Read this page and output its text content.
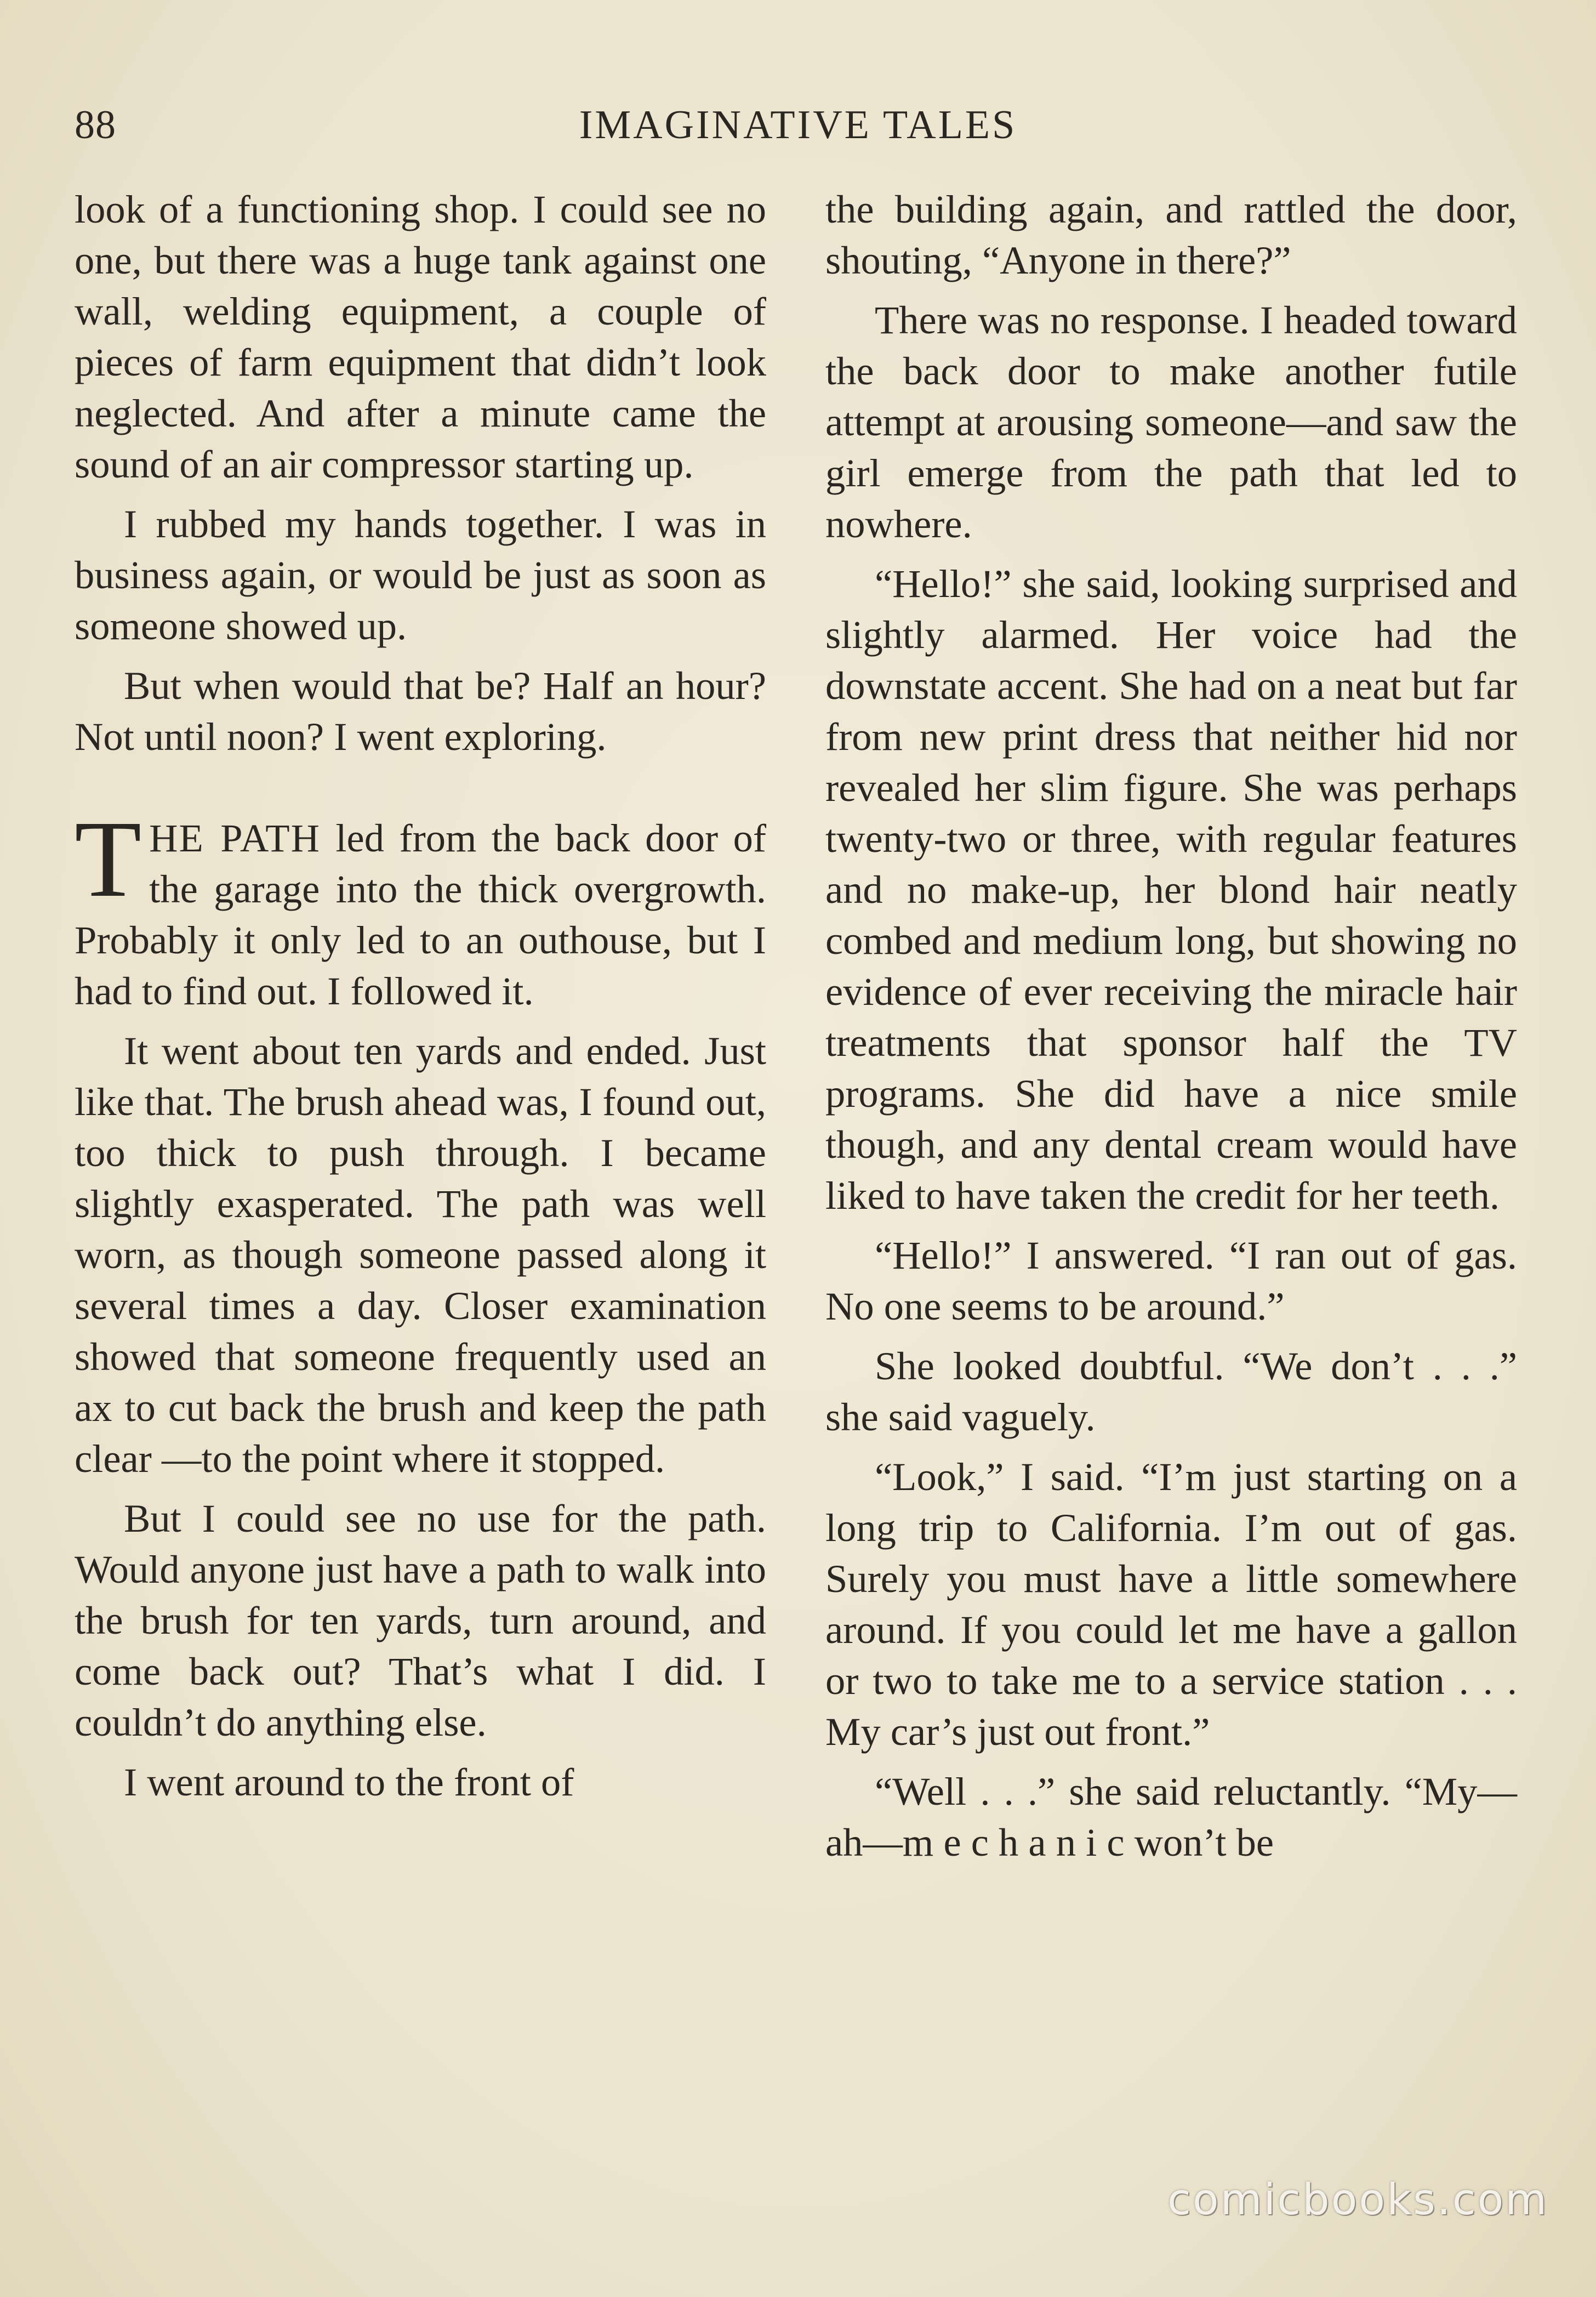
88	IMAGINATIVE TALES

look of a functioning shop. I could see no one, but there was a huge tank against one wall, welding equipment, a couple of pieces of farm equipment that didn’t look neglected. And after a minute came the sound of an air compressor starting up.

I rubbed my hands together. I was in business again, or would be just as soon as someone showed up.

But when would that be? Half an hour? Not until noon? I went exploring.

THE PATH led from the back door of the garage into the thick overgrowth. Probably it only led to an outhouse, but I had to find out. I followed it.

It went about ten yards and ended. Just like that. The brush ahead was, I found out, too thick to push through. I became slightly exasperated. The path was well worn, as though someone passed along it several times a day. Closer examination showed that someone frequently used an ax to cut back the brush and keep the path clear —to the point where it stopped.

But I could see no use for the path. Would anyone just have a path to walk into the brush for ten yards, turn around, and come back out? That’s what I did. I couldn’t do anything else.

I went around to the front of

the building again, and rattled the door, shouting, “Anyone in there?”

There was no response. I headed toward the back door to make another futile attempt at arousing someone—and saw the girl emerge from the path that led to nowhere.

“Hello!” she said, looking surprised and slightly alarmed. Her voice had the downstate accent. She had on a neat but far from new print dress that neither hid nor revealed her slim figure. She was perhaps twenty-two or three, with regular features and no make-up, her blond hair neatly combed and medium long, but showing no evidence of ever receiving the miracle hair treatments that sponsor half the TV programs. She did have a nice smile though, and any dental cream would have liked to have taken the credit for her teeth.

“Hello!” I answered. “I ran out of gas. No one seems to be around.”

She looked doubtful. “We don’t . . .” she said vaguely.

“Look,” I said. “I’m just starting on a long trip to California. I’m out of gas. Surely you must have a little somewhere around. If you could let me have a gallon or two to take me to a service station . . . My car’s just out front.”

“Well . . .” she said reluctantly. “My—ah—m e c h a n i c won’t be

comicbooks.com
